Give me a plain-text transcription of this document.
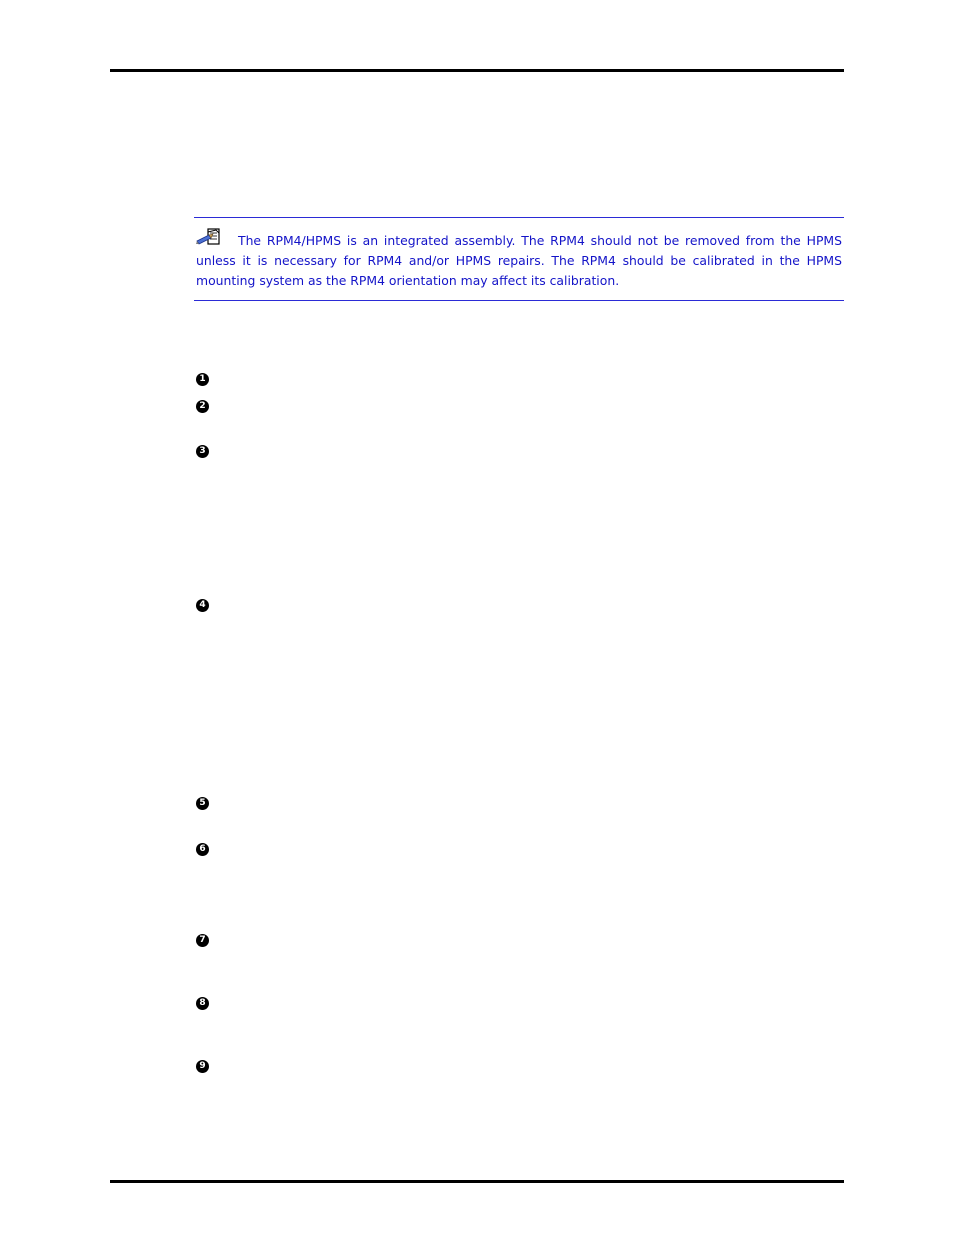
The RPM4/HPMS is an integrated assembly. The RPM4 should not be removed from the HPMS unless it is necessary for RPM4 and/or HPMS repairs. The RPM4 should be calibrated in the HPMS mounting system as the RPM4 orientation may affect its calibration.

1
2
3
4
5
6
7
8
9
